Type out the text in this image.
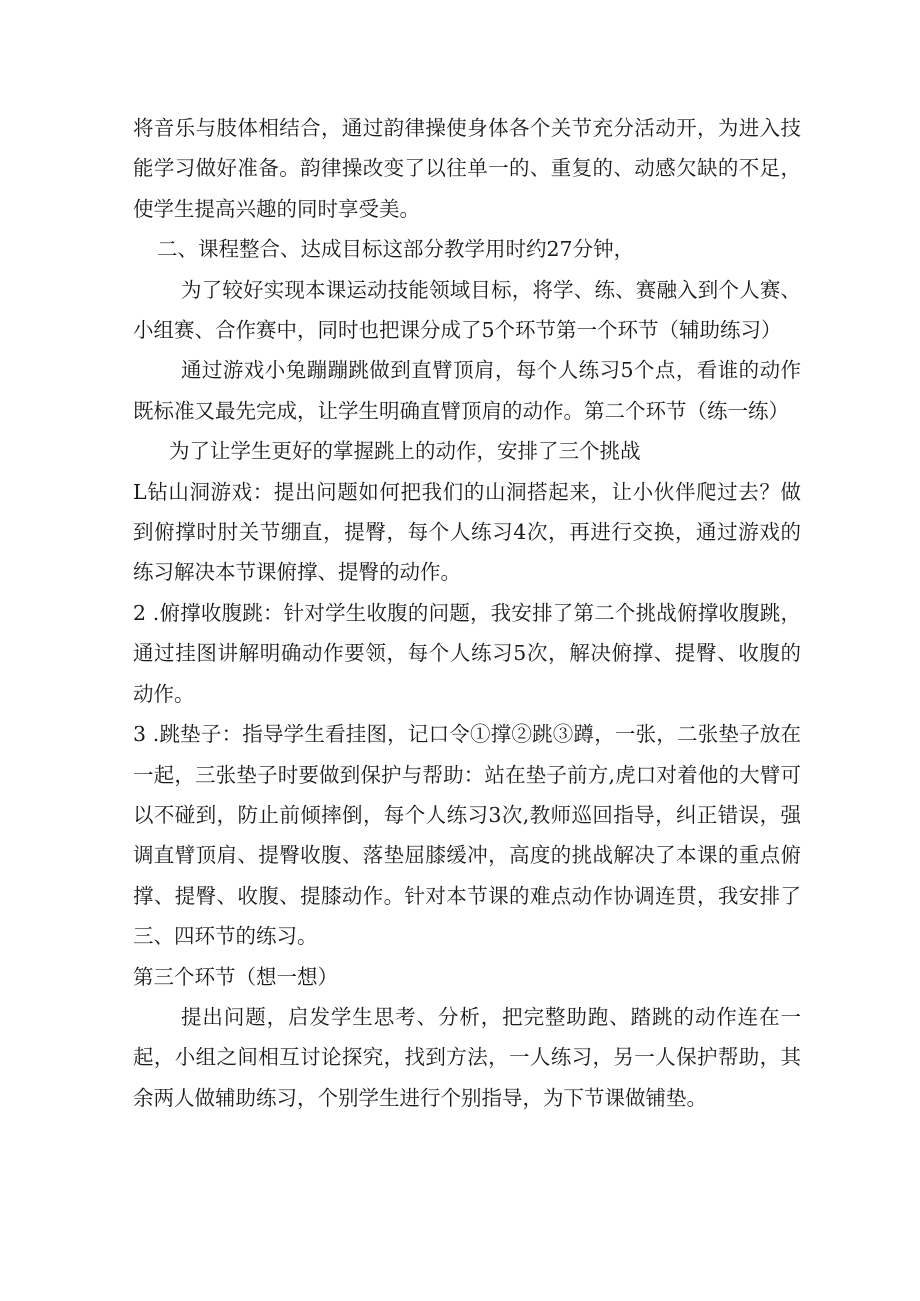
将音乐与肢体相结合，通过韵律操使身体各个关节充分活动开，为进入技能学习做好准备。韵律操改变了以往单一的、重复的、动感欠缺的不足，使学生提高兴趣的同时享受美。

二、课程整合、达成目标这部分教学用时约27分钟，

为了较好实现本课运动技能领域目标，将学、练、赛融入到个人赛、小组赛、合作赛中，同时也把课分成了5个环节第一个环节（辅助练习）

通过游戏小兔蹦蹦跳做到直臂顶肩，每个人练习5个点，看谁的动作既标准又最先完成，让学生明确直臂顶肩的动作。第二个环节（练一练）

为了让学生更好的掌握跳上的动作，安排了三个挑战

L钻山洞游戏：提出问题如何把我们的山洞搭起来，让小伙伴爬过去？做到俯撑时肘关节绷直，提臀，每个人练习4次，再进行交换，通过游戏的练习解决本节课俯撑、提臀的动作。

2 .俯撑收腹跳：针对学生收腹的问题，我安排了第二个挑战俯撑收腹跳，通过挂图讲解明确动作要领，每个人练习5次，解决俯撑、提臀、收腹的动作。

3 .跳垫子：指导学生看挂图，记口令①撑②跳③蹲，一张，二张垫子放在一起，三张垫子时要做到保护与帮助：站在垫子前方,虎口对着他的大臂可以不碰到，防止前倾摔倒，每个人练习3次,教师巡回指导，纠正错误，强调直臂顶肩、提臀收腹、落垫屈膝缓冲，高度的挑战解决了本课的重点俯撑、提臀、收腹、提膝动作。针对本节课的难点动作协调连贯，我安排了三、四环节的练习。

第三个环节（想一想）

提出问题，启发学生思考、分析，把完整助跑、踏跳的动作连在一起，小组之间相互讨论探究，找到方法，一人练习，另一人保护帮助，其余两人做辅助练习，个别学生进行个别指导，为下节课做铺垫。
